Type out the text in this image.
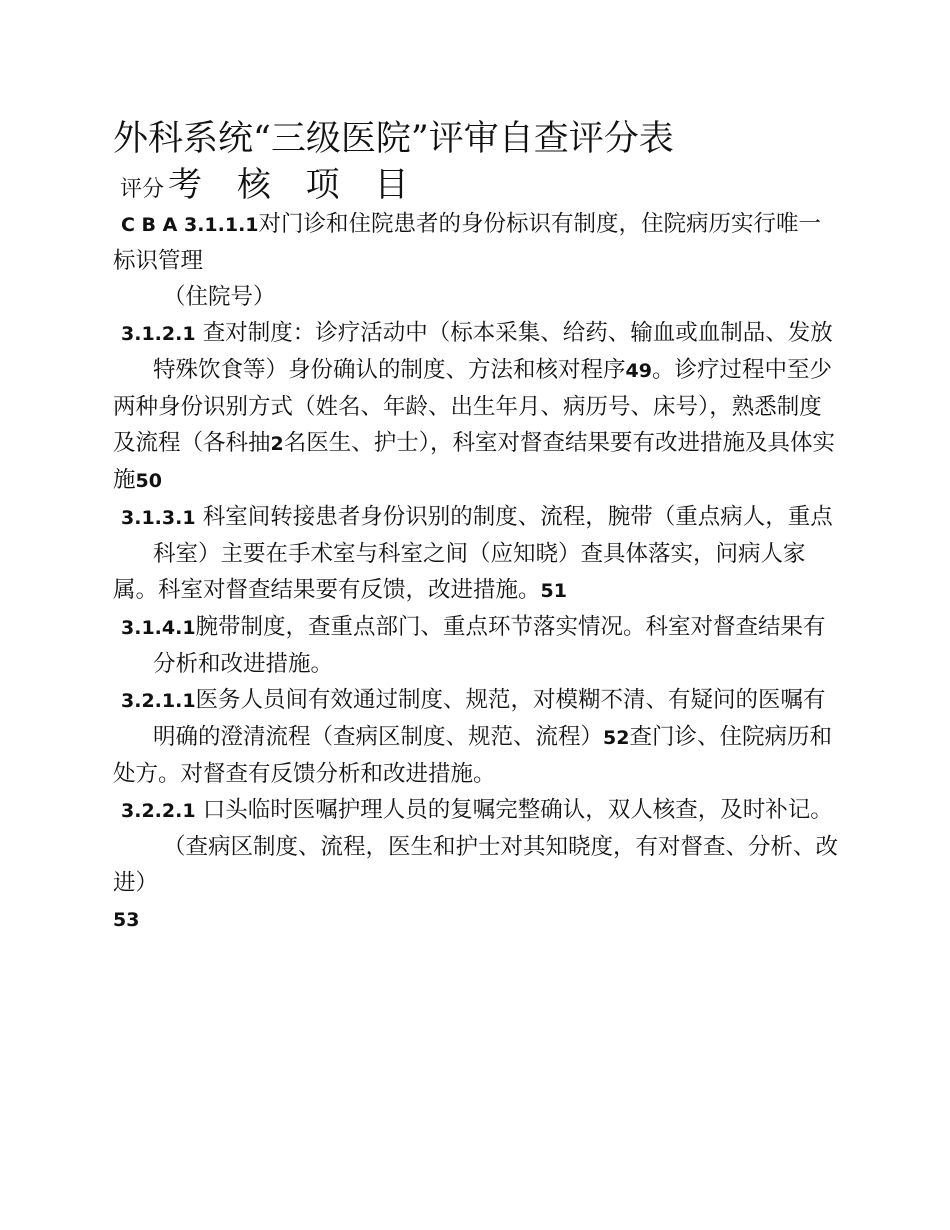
外科系统“三级医院”评审自查评分表
评分 考 核 项 目

C B A 3.1.1.1对门诊和住院患者的身份标识有制度，住院病历实行唯一标识管理

（住院号）

3.1.2.1 查对制度：诊疗活动中（标本采集、给药、输血或血制品、发放

特殊饮食等）身份确认的制度、方法和核对程序49。诊疗过程中至少两种身份识别方式（姓名、年龄、出生年月、病历号、床号），熟悉制度及流程（各科抽2名医生、护士），科室对督查结果要有改进措施及具体实施50

3.1.3.1 科室间转接患者身份识别的制度、流程，腕带（重点病人，重点

科室）主要在手术室与科室之间（应知晓）查具体落实，问病人家属。科室对督查结果要有反馈，改进措施。51

3.1.4.1腕带制度，查重点部门、重点环节落实情况。科室对督查结果有

分析和改进措施。

3.2.1.1医务人员间有效通过制度、规范，对模糊不清、有疑问的医嘱有

明确的澄清流程（查病区制度、规范、流程）52查门诊、住院病历和处方。对督查有反馈分析和改进措施。

3.2.2.1 口头临时医嘱护理人员的复嘱完整确认，双人核查，及时补记。

（查病区制度、流程，医生和护士对其知晓度，有对督查、分析、改进）

53
